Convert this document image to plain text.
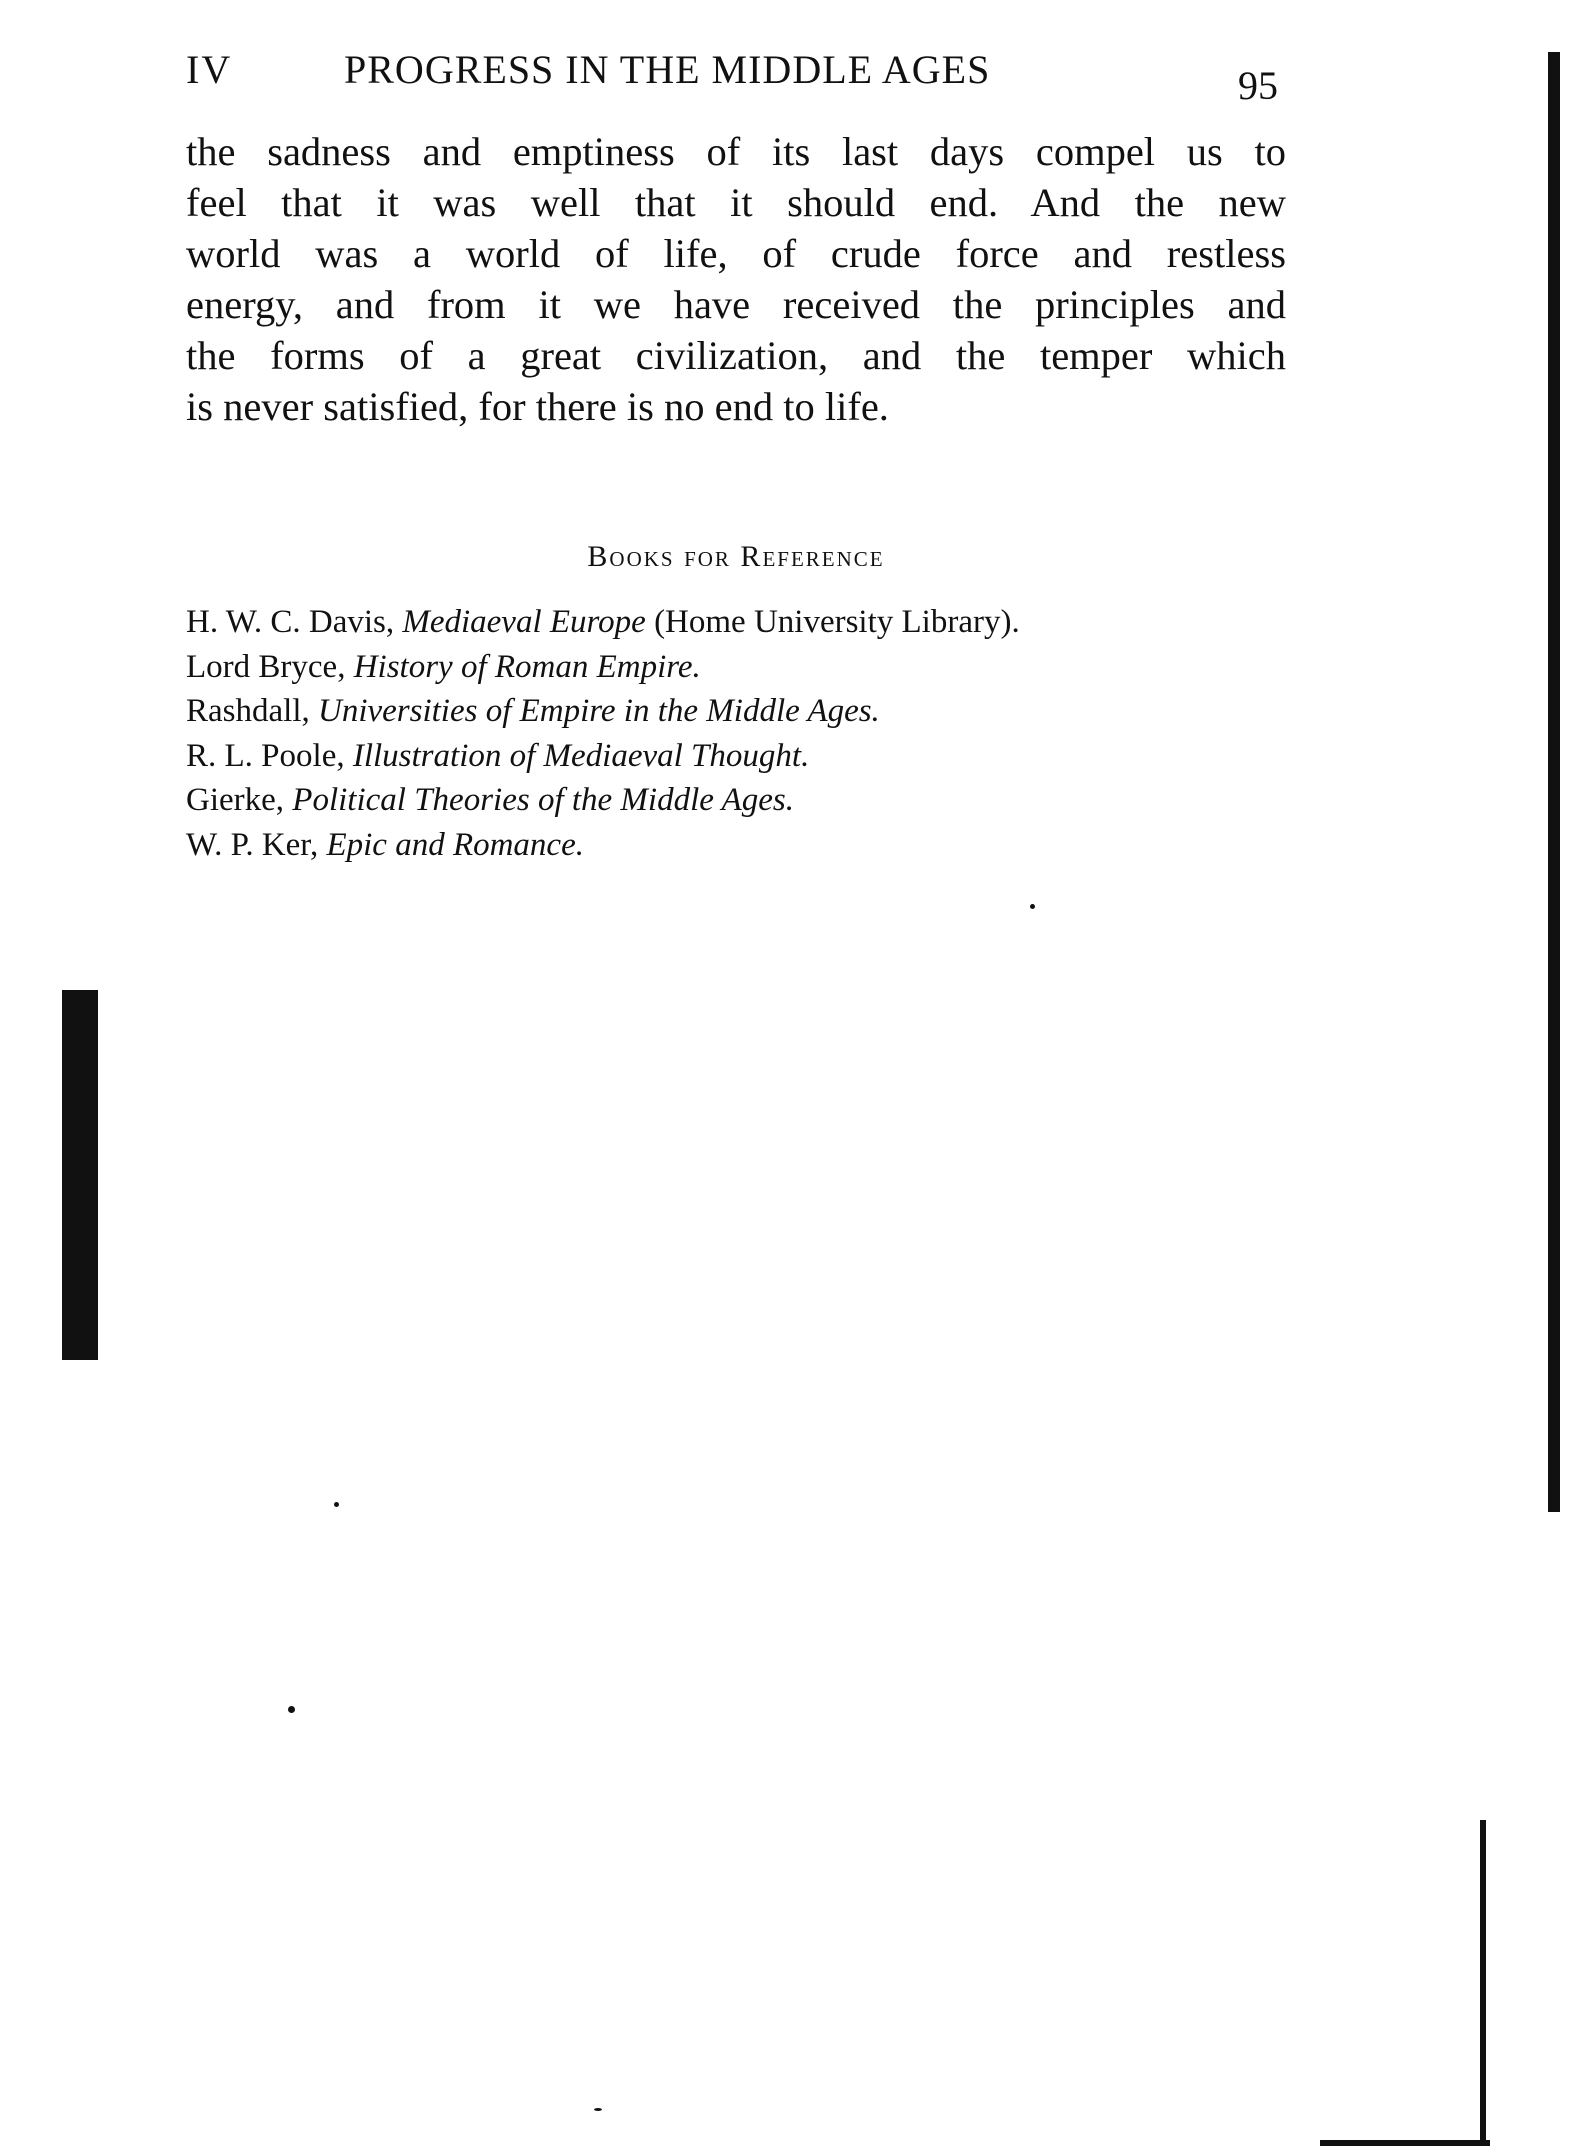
IV	PROGRESS IN THE MIDDLE AGES	95
the sadness and emptiness of its last days compel us to
feel that it was well that it should end. And the new
world was a world of life, of crude force and restless
energy, and from it we have received the principles and
the forms of a great civilization, and the temper which
is never satisfied, for there is no end to life.
Books for Reference
H. W. C. Davis, Mediaeval Europe (Home University Library).
Lord Bryce, History of Roman Empire.
Rashdall, Universities of Empire in the Middle Ages.
R. L. Poole, Illustration of Mediaeval Thought.
Gierke, Political Theories of the Middle Ages.
W. P. Ker, Epic and Romance.
